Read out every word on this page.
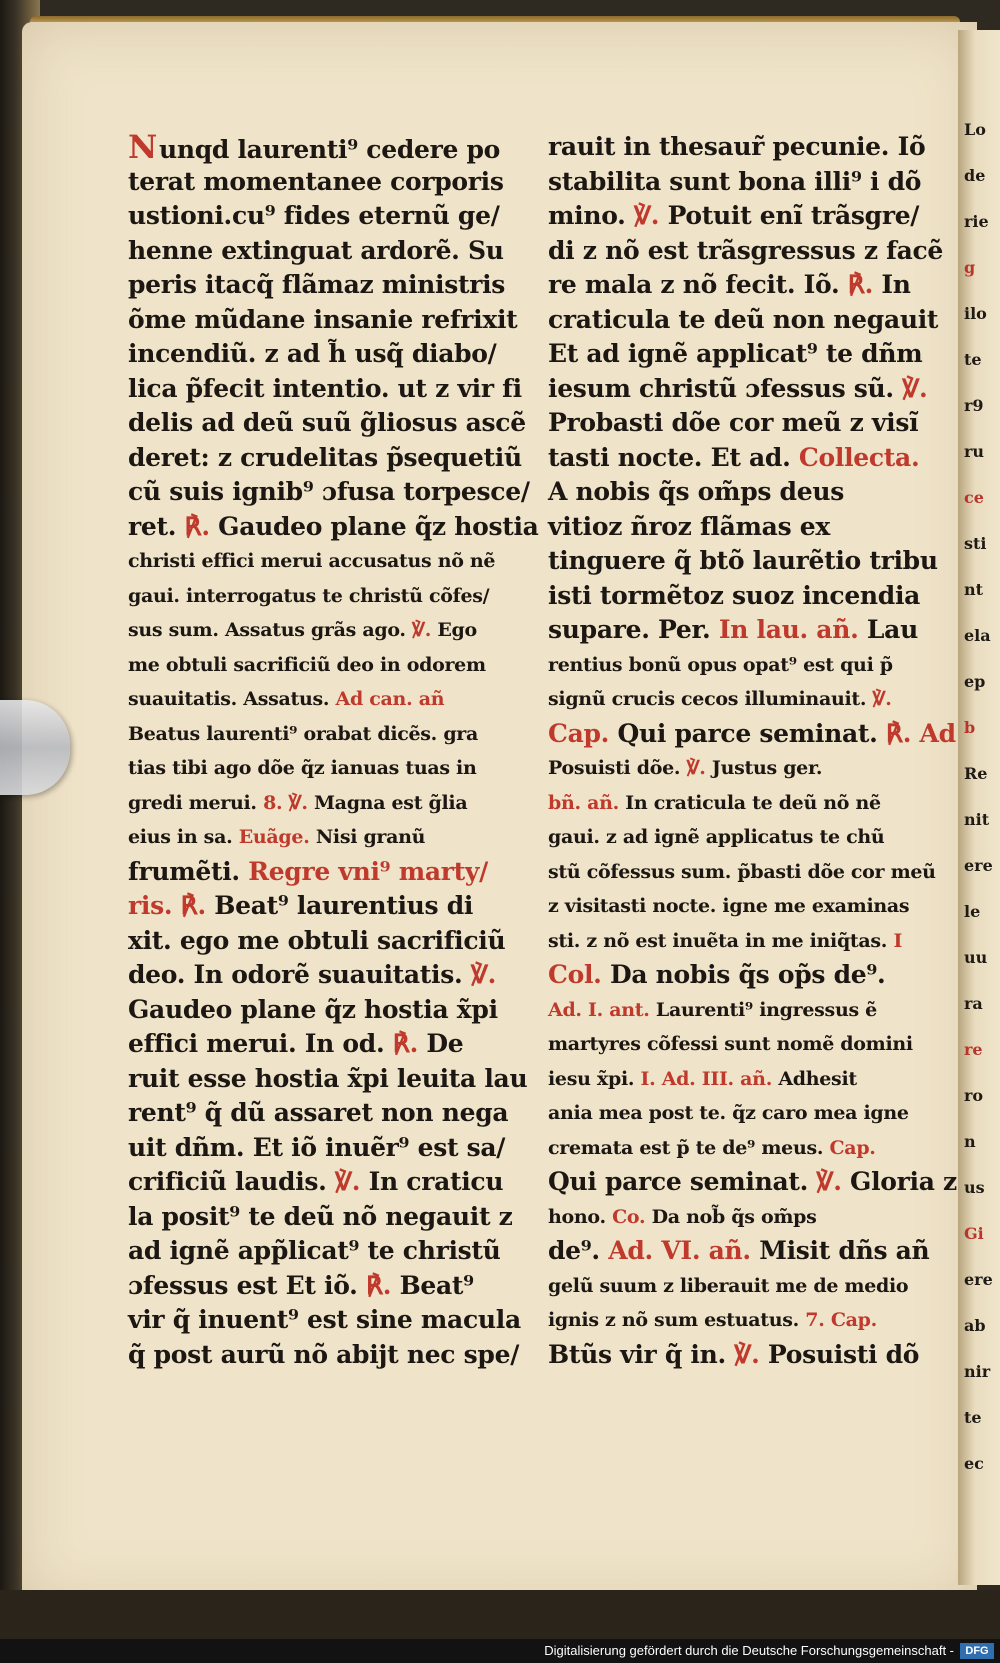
Lo
de
rie
g
ilo
te
r9
ru
ce
sti
nt
ela
ep
b
Re
nit
ere
le
uu
ra
re
ro
n
us
Gi
ere
ab
nir
te
ec
Nunqd laurenti⁹ cedere po
terat momentanee corporis
ustioni.cu⁹ fides eternũ ge/
henne extinguat ardorẽ. Su
peris itacq̃ flãmaz ministris
õme mũdane insanie refrixit
incendiũ. z ad h̃ usq̃ diabo/
lica p̃fecit intentio. ut z vir fi
delis ad deũ suũ g̃liosus ascẽ
deret: z crudelitas p̃sequetiũ
cũ suis ignib⁹ ɔfusa torpesce/
ret. ℟. Gaudeo plane q̃z hostia
christi effici merui accusatus nõ nẽ
gaui. interrogatus te christũ cõfes/
sus sum. Assatus grãs ago. ℣. Ego
me obtuli sacrificiũ deo in odorem
suauitatis. Assatus. Ad can. añ
Beatus laurenti⁹ orabat dicẽs. gra
tias tibi ago dõe q̃z ianuas tuas in
gredi merui. 8. ℣. Magna est g̃lia
eius in sa. Euãge. Nisi granũ
frumẽti. Regre vni⁹ marty/
ris. ℟. Beat⁹ laurentius di
xit. ego me obtuli sacrificiũ
deo. In odorẽ suauitatis. ℣.
Gaudeo plane q̃z hostia x̃pi
effici merui. In od. ℟. De
ruit esse hostia x̃pi leuita lau
rent⁹ q̃ dũ assaret non nega
uit dñm. Et iõ inuẽr⁹ est sa/
crificiũ laudis. ℣. In craticu
la posit⁹ te deũ nõ negauit z
ad ignẽ app̃licat⁹ te christũ
ɔfessus est Et iõ. ℟. Beat⁹
vir q̃ inuent⁹ est sine macula
q̃ post aurũ nõ abijt nec spe/
rauit in thesaur̃ pecunie. Iõ
stabilita sunt bona illi⁹ i dõ
mino. ℣. Potuit enĩ trãsgre/
di z nõ est trãsgressus z facẽ
re mala z nõ fecit. Iõ. ℟. In
craticula te deũ non negauit
Et ad ignẽ applicat⁹ te dñm
iesum christũ ɔfessus sũ. ℣.
Probasti dõe cor meũ z visĩ
tasti nocte. Et ad. Collecta.
A nobis q̃s om̃ps deus
vitioz ñroz flãmas ex
tinguere q̃ btõ laurẽtio tribu
isti tormẽtoz suoz incendia
supare. Per. In lau. añ. Lau
rentius bonũ opus opat⁹ est qui p̃
signũ crucis cecos illuminauit. ℣.
Cap. Qui parce seminat. ℟. Ad
Posuisti dõe. ℣. Justus ger.
bñ. añ. In craticula te deũ nõ nẽ
gaui. z ad ignẽ applicatus te chũ
stũ cõfessus sum. p̃basti dõe cor meũ
z visitasti nocte. igne me examinas
sti. z nõ est inuẽta in me iniq̃tas. I
Col. Da nobis q̃s op̃s de⁹.
Ad. I. ant. Laurenti⁹ ingressus ẽ
martyres cõfessi sunt nomẽ domini
iesu x̃pi. I. Ad. III. añ. Adhesit
ania mea post te. q̃z caro mea igne
cremata est p̃ te de⁹ meus. Cap.
Qui parce seminat. ℣. Gloria z
hono. Co. Da nob̃ q̃s om̃ps
de⁹. Ad. VI. añ. Misit dñs añ
gelũ suum z liberauit me de medio
ignis z nõ sum estuatus. 7. Cap.
Btũs vir q̃ in. ℣. Posuisti dõ
Digitalisierung gefördert durch die Deutsche Forschungsgemeinschaft -	DFG
